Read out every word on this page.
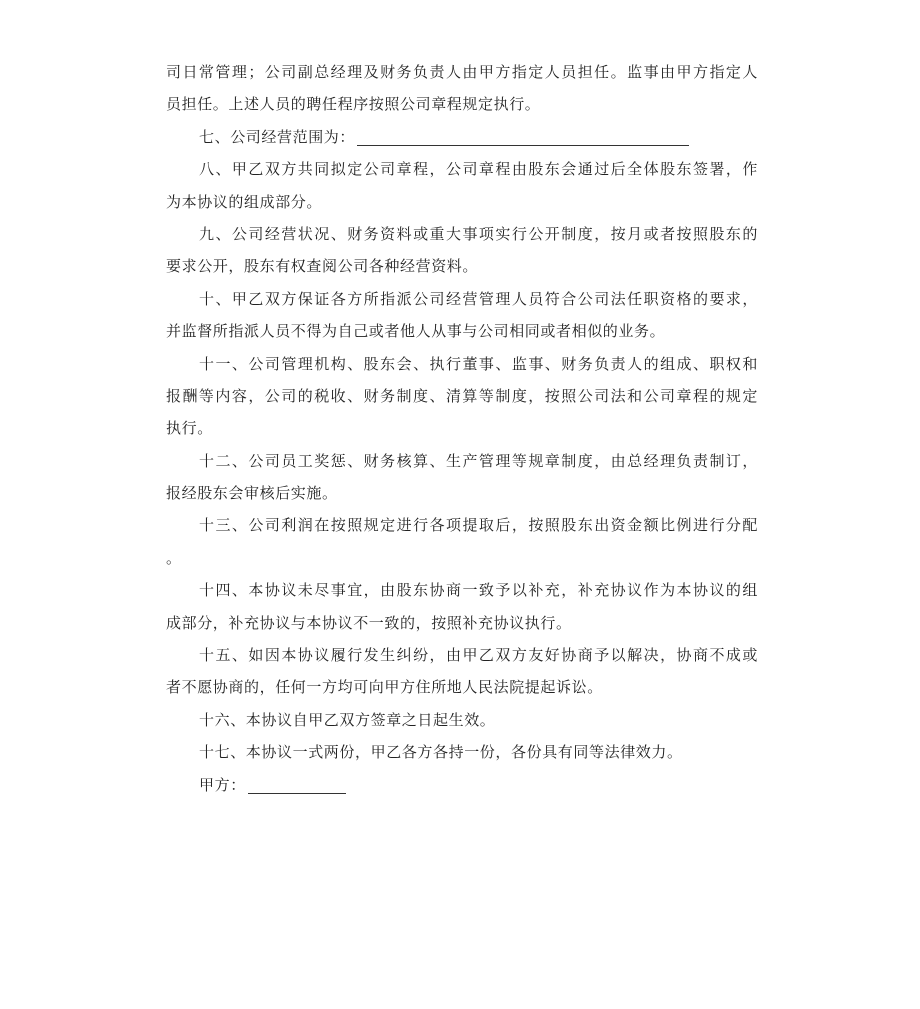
司日常管理；公司副总经理及财务负责人由甲方指定人员担任。监事由甲方指定人
员担任。上述人员的聘任程序按照公司章程规定执行。
七、公司经营范围为：
八、甲乙双方共同拟定公司章程，公司章程由股东会通过后全体股东签署，作
为本协议的组成部分。
九、公司经营状况、财务资料或重大事项实行公开制度，按月或者按照股东的
要求公开，股东有权查阅公司各种经营资料。
十、甲乙双方保证各方所指派公司经营管理人员符合公司法任职资格的要求，
并监督所指派人员不得为自己或者他人从事与公司相同或者相似的业务。
十一、公司管理机构、股东会、执行董事、监事、财务负责人的组成、职权和
报酬等内容，公司的税收、财务制度、清算等制度，按照公司法和公司章程的规定
执行。
十二、公司员工奖惩、财务核算、生产管理等规章制度，由总经理负责制订，
报经股东会审核后实施。
十三、公司利润在按照规定进行各项提取后，按照股东出资金额比例进行分配
。
十四、本协议未尽事宜，由股东协商一致予以补充，补充协议作为本协议的组
成部分，补充协议与本协议不一致的，按照补充协议执行。
十五、如因本协议履行发生纠纷，由甲乙双方友好协商予以解决，协商不成或
者不愿协商的，任何一方均可向甲方住所地人民法院提起诉讼。
十六、本协议自甲乙双方签章之日起生效。
十七、本协议一式两份，甲乙各方各持一份，各份具有同等法律效力。
甲方：
